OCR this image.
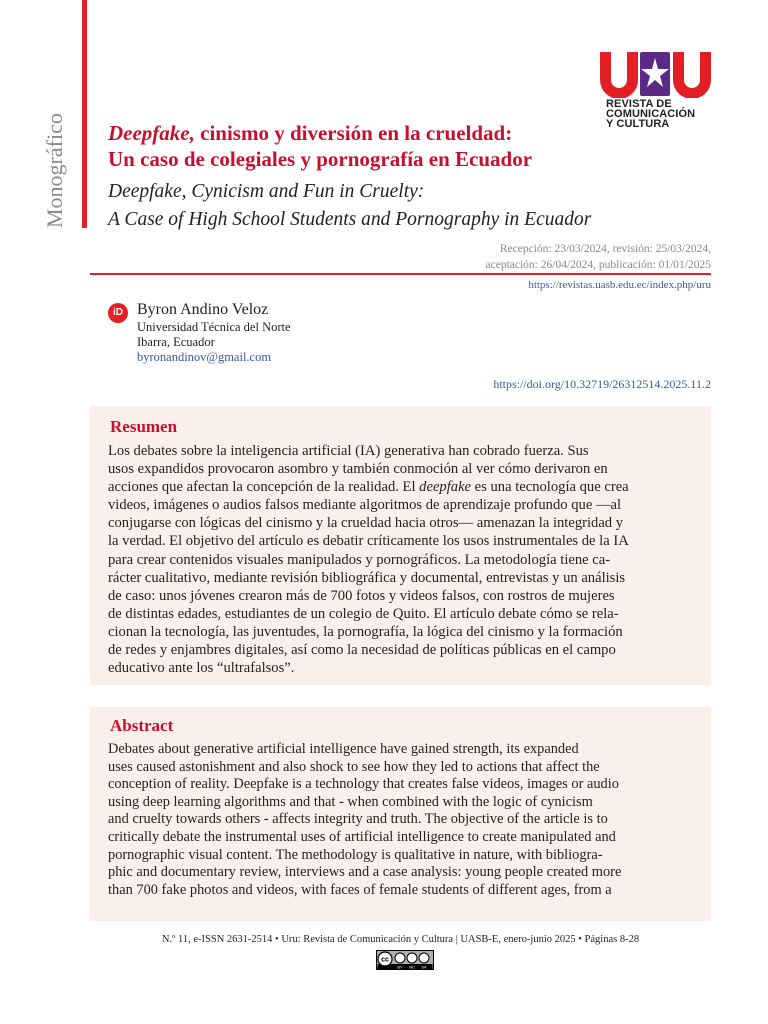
Monográfico
REVISTA DE
COMUNICACIÓN
Y CULTURA
Deepfake, cinismo y diversión en la crueldad:
Un caso de colegiales y pornografía en Ecuador
Deepfake, Cynicism and Fun in Cruelty:
A Case of High School Students and Pornography in Ecuador
Recepción: 23/03/2024, revisión: 25/03/2024,
aceptación: 26/04/2024, publicación: 01/01/2025
https://revistas.uasb.edu.ec/index.php/uru
iD Byron Andino Veloz
Universidad Técnica del Norte
Ibarra, Ecuador
byronandinov@gmail.com
https://doi.org/10.32719/26312514.2025.11.2
Resumen
Los debates sobre la inteligencia artificial (IA) generativa han cobrado fuerza. Sus
usos expandidos provocaron asombro y también conmoción al ver cómo derivaron en
acciones que afectan la concepción de la realidad. El deepfake es una tecnología que crea
videos, imágenes o audios falsos mediante algoritmos de aprendizaje profundo que —al
conjugarse con lógicas del cinismo y la crueldad hacia otros— amenazan la integridad y
la verdad. El objetivo del artículo es debatir críticamente los usos instrumentales de la IA
para crear contenidos visuales manipulados y pornográficos. La metodología tiene ca-
rácter cualitativo, mediante revisión bibliográfica y documental, entrevistas y un análisis
de caso: unos jóvenes crearon más de 700 fotos y videos falsos, con rostros de mujeres
de distintas edades, estudiantes de un colegio de Quito. El artículo debate cómo se rela-
cionan la tecnología, las juventudes, la pornografía, la lógica del cinismo y la formación
de redes y enjambres digitales, así como la necesidad de políticas públicas en el campo
educativo ante los “ultrafalsos”.
Abstract
Debates about generative artificial intelligence have gained strength, its expanded
uses caused astonishment and also shock to see how they led to actions that affect the
conception of reality. Deepfake is a technology that creates false videos, images or audio
using deep learning algorithms and that - when combined with the logic of cynicism
and cruelty towards others - affects integrity and truth. The objective of the article is to
critically debate the instrumental uses of artificial intelligence to create manipulated and
pornographic visual content. The methodology is qualitative in nature, with bibliogra-
phic and documentary review, interviews and a case analysis: young people created more
than 700 fake photos and videos, with faces of female students of different ages, from a
N.º 11, e-ISSN 2631-2514 • Uru: Revista de Comunicación y Cultura | UASB-E, enero-junio 2025 • Páginas 8-28
cc
BY NC SA
